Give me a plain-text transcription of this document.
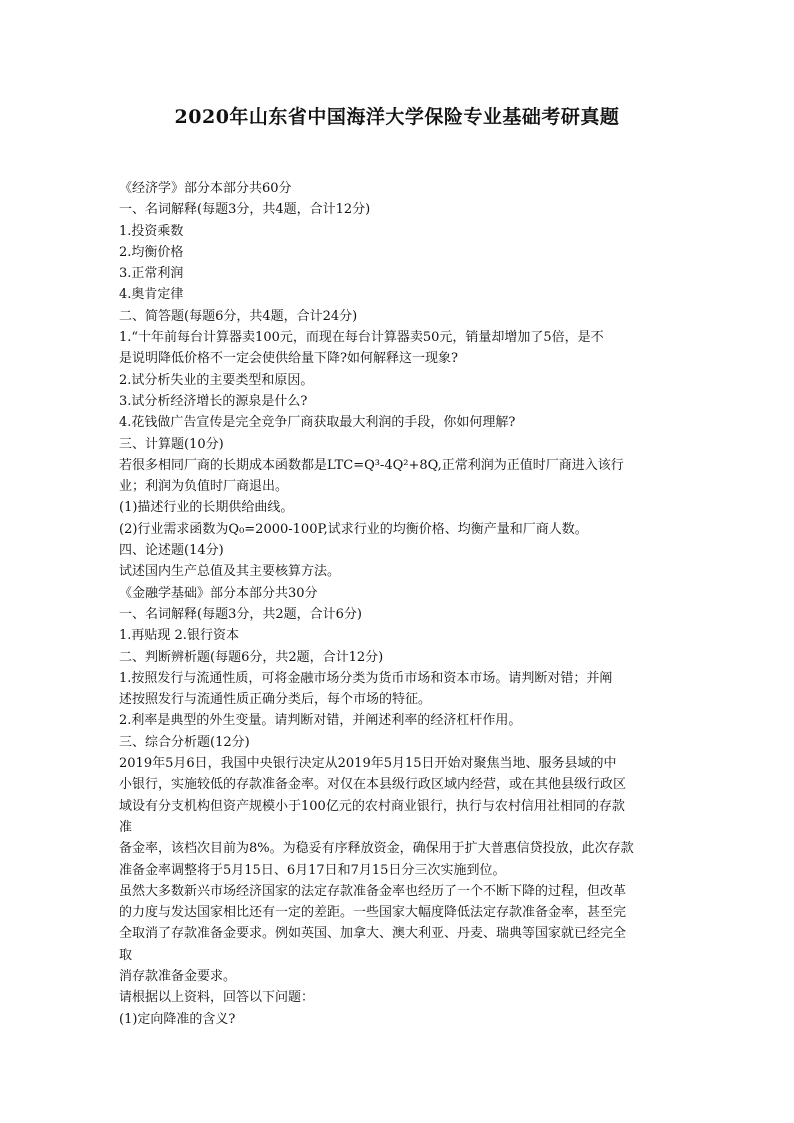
2020年山东省中国海洋大学保险专业基础考研真题
《经济学》部分本部分共60分
一、名词解释(每题3分，共4题，合计12分)
1.投资乘数
2.均衡价格
3.正常利润
4.奥肯定律
二、简答题(每题6分，共4题，合计24分)
1.“十年前每台计算器卖100元，而现在每台计算器卖50元，销量却增加了5倍，是不
是说明降低价格不一定会使供给量下降?如何解释这一现象?
2.试分析失业的主要类型和原因。
3.试分析经济增长的源泉是什么?
4.花钱做广告宣传是完全竞争厂商获取最大利润的手段，你如何理解?
三、计算题(10分)
若很多相同厂商的长期成本函数都是LTC=Q³-4Q²+8Q,正常利润为正值时厂商进入该行
业；利润为负值时厂商退出。
(1)描述行业的长期供给曲线。
(2)行业需求函数为Q₀=2000-100P,试求行业的均衡价格、均衡产量和厂商人数。
四、论述题(14分)
试述国内生产总值及其主要核算方法。
《金融学基础》部分本部分共30分
一、名词解释(每题3分，共2题，合计6分)
1.再贴现 2.银行资本
二、判断辨析题(每题6分，共2题，合计12分)
1.按照发行与流通性质，可将金融市场分类为货币市场和资本市场。请判断对错；并阐
述按照发行与流通性质正确分类后，每个市场的特征。
2.利率是典型的外生变量。请判断对错，并阐述利率的经济杠杆作用。
三、综合分析题(12分)
2019年5月6日，我国中央银行决定从2019年5月15日开始对聚焦当地、服务县域的中
小银行，实施较低的存款准备金率。对仅在本县级行政区域内经营，或在其他县级行政区
域设有分支机构但资产规模小于100亿元的农村商业银行，执行与农村信用社相同的存款
准
备金率，该档次目前为8%。为稳妥有序释放资金，确保用于扩大普惠信贷投放，此次存款
准备金率调整将于5月15日、6月17日和7月15日分三次实施到位。
虽然大多数新兴市场经济国家的法定存款准备金率也经历了一个不断下降的过程，但改革
的力度与发达国家相比还有一定的差距。一些国家大幅度降低法定存款准备金率，甚至完
全取消了存款准备金要求。例如英国、加拿大、澳大利亚、丹麦、瑞典等国家就已经完全
取
消存款准备金要求。
请根据以上资料，回答以下问题：
(1)定向降准的含义?
